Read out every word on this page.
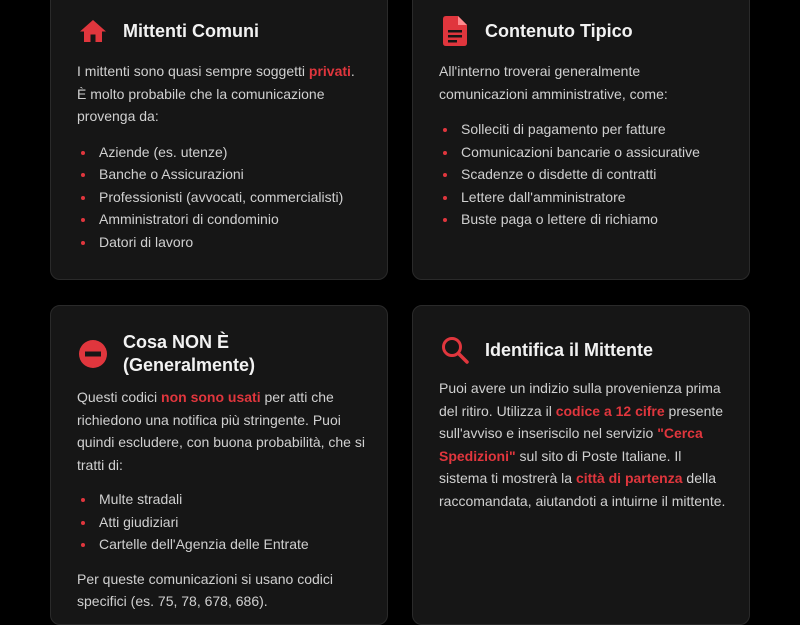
Mittenti Comuni

I mittenti sono quasi sempre soggetti privati. È molto probabile che la comunicazione provenga da:

Aziende (es. utenze)
Banche o Assicurazioni
Professionisti (avvocati, commercialisti)
Amministratori di condominio
Datori di lavoro
Contenuto Tipico

All'interno troverai generalmente comunicazioni amministrative, come:

Solleciti di pagamento per fatture
Comunicazioni bancarie o assicurative
Scadenze o disdette di contratti
Lettere dall'amministratore
Buste paga o lettere di richiamo
Cosa NON È (Generalmente)

Questi codici non sono usati per atti che richiedono una notifica più stringente. Puoi quindi escludere, con buona probabilità, che si tratti di:

Multe stradali
Atti giudiziari
Cartelle dell'Agenzia delle Entrate

Per queste comunicazioni si usano codici specifici (es. 75, 78, 678, 686).

Identifica il Mittente

Puoi avere un indizio sulla provenienza prima del ritiro. Utilizza il codice a 12 cifre presente sull'avviso e inseriscilo nel servizio "Cerca Spedizioni" sul sito di Poste Italiane. Il sistema ti mostrerà la città di partenza della raccomandata, aiutandoti a intuirne il mittente.
